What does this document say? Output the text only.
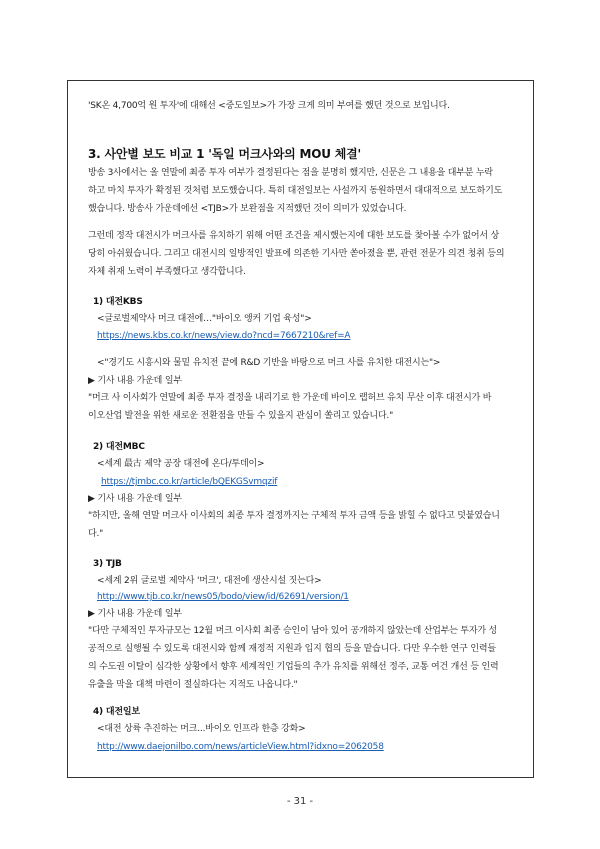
'SK온 4,700억 원 투자'에 대해선 <중도일보>가 가장 크게 의미 부여를 했던 것으로 보입니다.
3. 사안별 보도 비교 1 '독일 머크사와의 MOU 체결'
방송 3사에서는 올 연말에 최종 투자 여부가 결정된다는 점을 분명히 했지만, 신문은 그 내용을 대부분 누락
하고 마치 투자가 확정된 것처럼 보도했습니다. 특히 대전일보는 사설까지 동원하면서 대대적으로 보도하기도
했습니다. 방송사 가운데에선 <TJB>가 보완점을 지적했던 것이 의미가 있었습니다.
그런데 정작 대전시가 머크사를 유치하기 위해 어떤 조건을 제시했는지에 대한 보도를 찾아볼 수가 없어서 상
당히 아쉬웠습니다. 그리고 대전시의 일방적인 발표에 의존한 기사만 쏟아졌을 뿐, 관련 전문가 의견 청취 등의
자체 취재 노력이 부족했다고 생각합니다.
1) 대전KBS
<글로벌제약사 머크 대전에…"바이오 앵커 기업 육성">
https://news.kbs.co.kr/news/view.do?ncd=7667210&ref=A
<"경기도 시흥시와 물밑 유치전 끝에 R&D 기반을 바탕으로 머크 사를 유치한 대전시는">
▶ 기사 내용 가운데 일부
"머크 사 이사회가 연말에 최종 투자 결정을 내리기로 한 가운데 바이오 랩허브 유치 무산 이후 대전시가 바
이오산업 발전을 위한 새로운 전환점을 만들 수 있을지 관심이 쏠리고 있습니다."
2) 대전MBC
<세계 最古 제약 공장 대전에 온다/투데이>
https://tjmbc.co.kr/article/bQEKGSvmqzif
▶ 기사 내용 가운데 일부
"하지만, 올해 연말 머크사 이사회의 최종 투자 결정까지는 구체적 투자 금액 등을 밝힐 수 없다고 덧붙였습니
다."
3) TJB
<세계 2위 글로벌 제약사 '머크', 대전에 생산시설 짓는다>
http://www.tjb.co.kr/news05/bodo/view/id/62691/version/1
▶ 기사 내용 가운데 일부
"다만 구체적인 투자규모는 12월 머크 이사회 최종 승인이 남아 있어 공개하지 않았는데 산업부는 투자가 성
공적으로 실행될 수 있도록 대전시와 함께 재정적 지원과 입지 협의 등을 맡습니다. 다만 우수한 연구 인력들
의 수도권 이탈이 심각한 상황에서 향후 세계적인 기업들의 추가 유치를 위해선 정주, 교통 여건 개선 등 인력
유출을 막을 대책 마련이 절실하다는 지적도 나옵니다."
4) 대전일보
<대전 상륙 추진하는 머크...바이오 인프라 한층 강화>
http://www.daejonilbo.com/news/articleView.html?idxno=2062058
- 31 -
